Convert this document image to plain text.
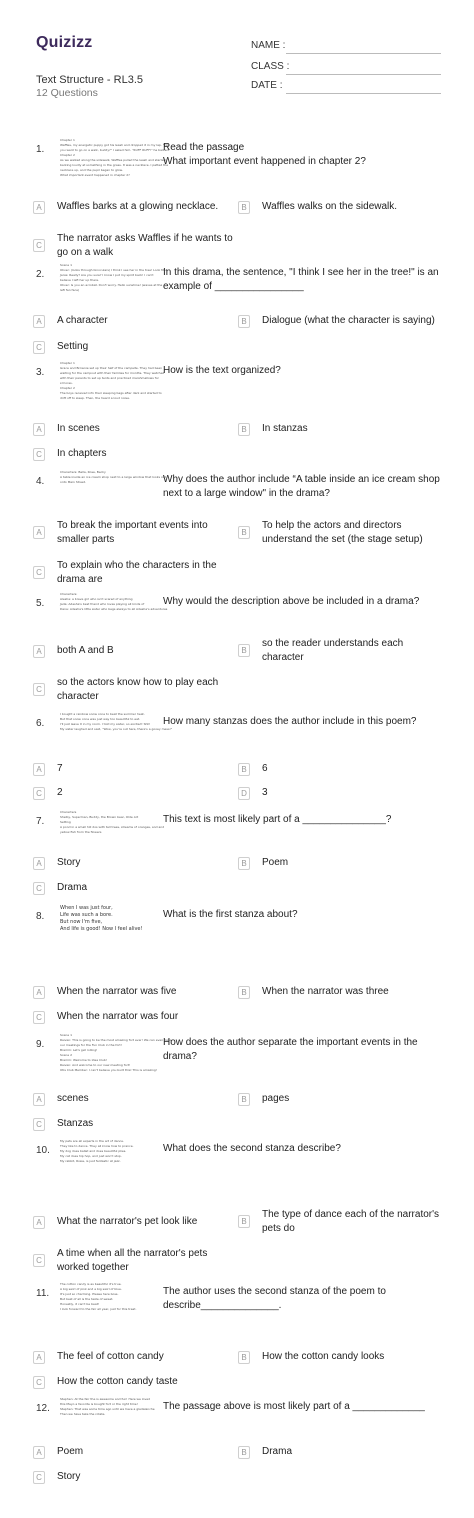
Quizizz
Text Structure - RL3.5
12 Questions
NAME :
CLASS :
DATE :
1.
Chapter 1
Waffles, my energetic puppy got his leash and dropped it in my lap. "Do
you want to go on a walk, buddy?" I asked him. "RUFF RUFF!" he barked.
Chapter 2
As we walked along the sidewalk, Waffles pulled the leash and started
barking loudly at something in the grass. It was a necklace. I patted the
necklace up, and the pupil began to glow.
What important event happened in chapter 2?
Read the passage
What important event happened in chapter 2?
A	Waffles barks at a glowing necklace.	B	Waffles walks on the sidewalk.
C
The narrator asks Waffles if he wants to
go on a walk
2.
Scene 1
Oliver: (looks through binoculars) I think I see her in the tree! Look Ma!
Janie: Really? Are you sure? I know I put my spirit back! I can't
believe I left her up there.
Oliver: Is you an acrobat. Don't worry. Hello sunshine! (waves at the
left fan face)
In this drama, the sentence, "I think I see her in the tree!" is an
example of ________________
A	A character	B	Dialogue (what the character is saying)
C	Setting
3.
Chapter 1
Grace and Brownie set up their half of the campsite. They had been
waiting for the campout with their families for months. They watched
with their parents to set up tents and practiced marshmallows for
s'mores.
Chapter 2
The boys received info their sleeping bags after dark and started to
drift off to sleep. Then, the heard a loud noise.
How is the text organized?
A	In scenes	B	In stanzas
C	In chapters
4.
Characters: Bella, Rose, Becky
A table inside an ice cream shop next to a large window that looks out
onto Main Street.	Why does the author include “A table inside an ice cream shop
next to a large window" in the drama?
A
To break the important events into
smaller parts
B
To help the actors and directors
understand the set (the stage setup)
C
To explain who the characters in the
drama are
5.
Characters:
Alesha: a brave girl who isn't scared of anything
Jada: Adesha's best friend who loves playing all kinds of
Dana: Adesha's little sister who begs always to all Adesha's adventures
Why would the description above be included in a drama?
A	both A and B	B
so the reader understands each
character
C
so the actors know how to play each
character
6.
I bought a rainbow snow cone to beat the summer heat.
But that snow cone was just way too beautiful to eat.
I'll just leave it in my room. I told my sister, so excited! Shh!
My sister laughed and said, "Wow, you're out here, there's a gooey mess!"
How many stanzas does the author include in this poem?
A	7	B	6
C	2	D	3
7.
Characters
Shelby, Superman, Buddy, the Brown bear, Olde Art
Setting
A pond in a small hill dos with tall trees, streams of oranges, and and
yellow fish from the flowers
This text is most likely part of a _______________?
A	Story	B	Poem
C	Drama
8.
When I was just four,
Life was such a bore.
But now I'm five,
And life is good! Now I feel alive!
What is the first stanza about?
A	When the narrator was five	B	When the narrator was three
C	When the narrator was four
9.
Scene 1
Raiven: This is going to be the most amazing fort ever! We can even have
our meetings for the Fun Club in the fort!
Bramm: Let's get rolling!
Scene 2
Bramm: Welcome to Idea Club!
Raiven: And welcome to our new meeting fort!
Otis Club Member: I can't believe you built this! This is amazing!
How does the author separate the important events in the
drama?
A	scenes	B	pages
C	Stanzas
10.
My pets are all experts in the art of dance.
They like to dance. They all know how to prance.
My dog does ballet and does beautiful plies.
My cat does hip hop, and just won't stop.
My rabbit, Rosie, is just fantastic at jazz.
What does the second stanza describe?
A	What the narrator's pet look like	B
The type of dance each of the narrator's
pets do
C
A time when all the narrator's pets
worked together
11.
The cotton candy is as beautiful it's true.
A big swirl of pink and a big swirl of blue.
It's just so charming. Please here boss.
But best of all is the taste of sweet.
Honestly, it can't be beat!
I look forward to the fair all year, just for this treat.
The author uses the second stanza of the poem to
describe______________.
A	The feel of cotton candy	B	How the cotton candy looks
C	How the cotton candy taste
12.
Stephen: At the fair the is awesome and fun! Here we loved
this Mayo a favorite is bought fort or the right time!
Stephen: That was some time ago until we have a gladalanche
Then we have take the rotate.
The passage above is most likely part of a _____________
A	Poem	B	Drama
C	Story
